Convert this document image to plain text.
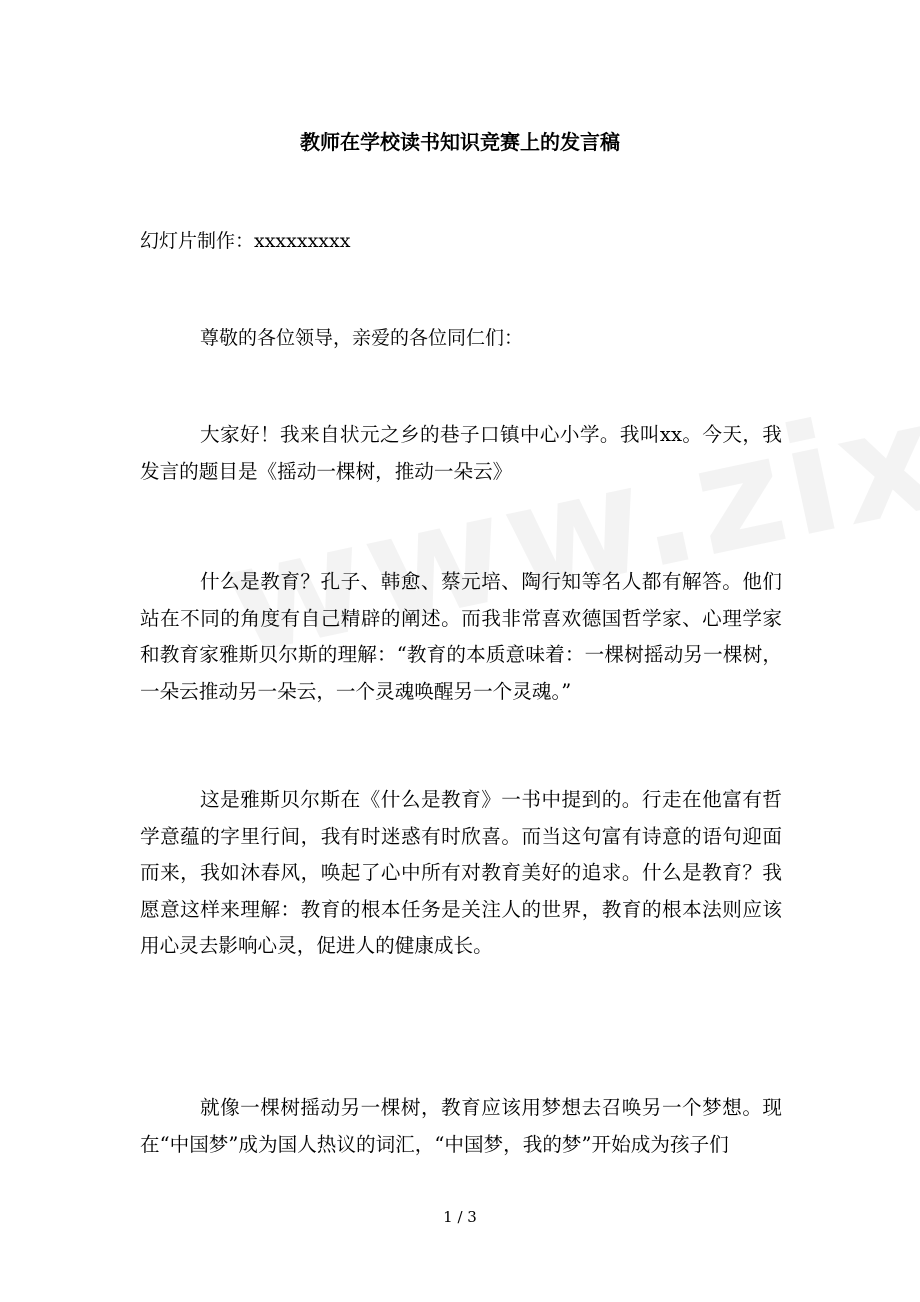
教师在学校读书知识竞赛上的发言稿

幻灯片制作：xxxxxxxxx

尊敬的各位领导，亲爱的各位同仁们：

大家好！我来自状元之乡的巷子口镇中心小学。我叫xx。今天，我发言的题目是《摇动一棵树，推动一朵云》

什么是教育？孔子、韩愈、蔡元培、陶行知等名人都有解答。他们站在不同的角度有自己精辟的阐述。而我非常喜欢德国哲学家、心理学家和教育家雅斯贝尔斯的理解：“教育的本质意味着：一棵树摇动另一棵树，一朵云推动另一朵云，一个灵魂唤醒另一个灵魂。”

这是雅斯贝尔斯在《什么是教育》一书中提到的。行走在他富有哲学意蕴的字里行间，我有时迷惑有时欣喜。而当这句富有诗意的语句迎面而来，我如沐春风，唤起了心中所有对教育美好的追求。什么是教育？我愿意这样来理解：教育的根本任务是关注人的世界，教育的根本法则应该用心灵去影响心灵，促进人的健康成长。

就像一棵树摇动另一棵树，教育应该用梦想去召唤另一个梦想。现在“中国梦”成为国人热议的词汇，“中国梦，我的梦”开始成为孩子们

1 / 3
